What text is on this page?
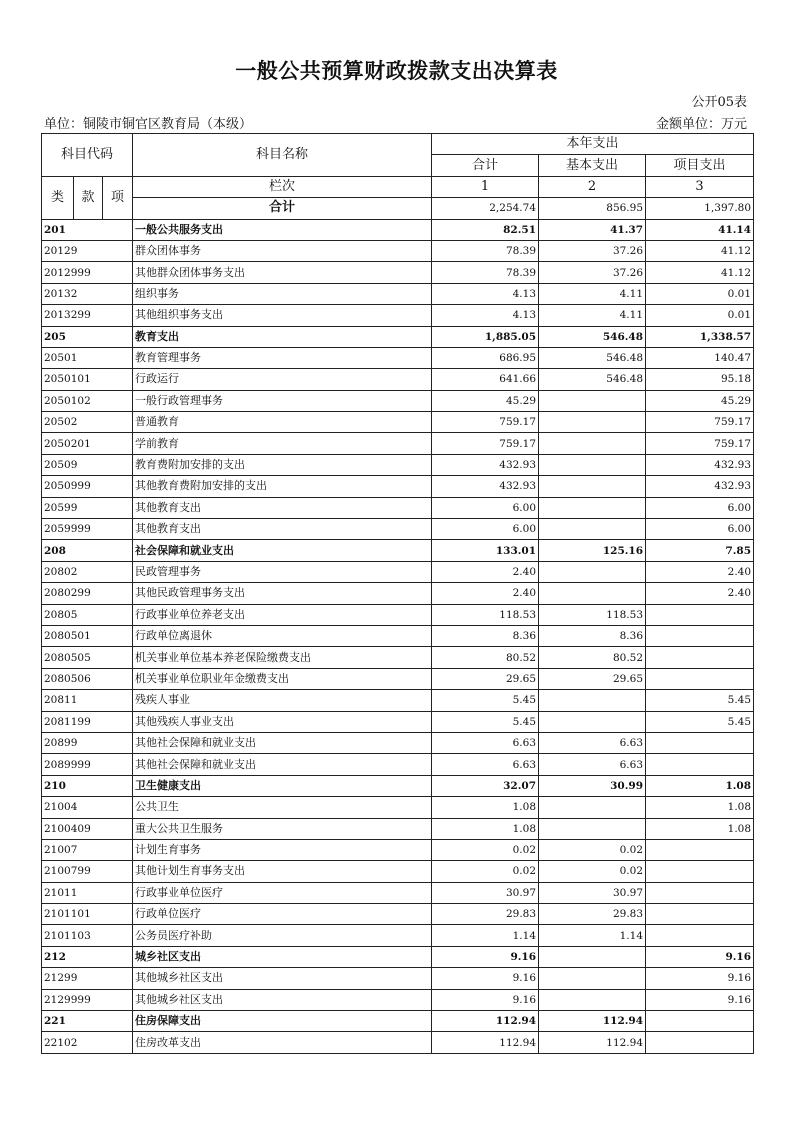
一般公共预算财政拨款支出决算表
公开05表
单位：铜陵市铜官区教育局（本级）	金额单位：万元
科目代码			科目名称	本年支出		
				合计	基本支出	项目支出
类	款	项	栏次	1	2	3
			合计	2,254.74	856.95	1,397.80
201			一般公共服务支出	82.51	41.37	41.14
20129			群众团体事务	78.39	37.26	41.12
2012999			其他群众团体事务支出	78.39	37.26	41.12
20132			组织事务	4.13	4.11	0.01
2013299			其他组织事务支出	4.13	4.11	0.01
205			教育支出	1,885.05	546.48	1,338.57
20501			教育管理事务	686.95	546.48	140.47
2050101			行政运行	641.66	546.48	95.18
2050102			一般行政管理事务	45.29		45.29
20502			普通教育	759.17		759.17
2050201			学前教育	759.17		759.17
20509			教育费附加安排的支出	432.93		432.93
2050999			其他教育费附加安排的支出	432.93		432.93
20599			其他教育支出	6.00		6.00
2059999			其他教育支出	6.00		6.00
208			社会保障和就业支出	133.01	125.16	7.85
20802			民政管理事务	2.40		2.40
2080299			其他民政管理事务支出	2.40		2.40
20805			行政事业单位养老支出	118.53	118.53	
2080501			行政单位离退休	8.36	8.36	
2080505			机关事业单位基本养老保险缴费支出	80.52	80.52	
2080506			机关事业单位职业年金缴费支出	29.65	29.65	
20811			残疾人事业	5.45		5.45
2081199			其他残疾人事业支出	5.45		5.45
20899			其他社会保障和就业支出	6.63	6.63	
2089999			其他社会保障和就业支出	6.63	6.63	
210			卫生健康支出	32.07	30.99	1.08
21004			公共卫生	1.08		1.08
2100409			重大公共卫生服务	1.08		1.08
21007			计划生育事务	0.02	0.02	
2100799			其他计划生育事务支出	0.02	0.02	
21011			行政事业单位医疗	30.97	30.97	
2101101			行政单位医疗	29.83	29.83	
2101103			公务员医疗补助	1.14	1.14	
212			城乡社区支出	9.16		9.16
21299			其他城乡社区支出	9.16		9.16
2129999			其他城乡社区支出	9.16		9.16
221			住房保障支出	112.94	112.94	
22102			住房改革支出	112.94	112.94	
